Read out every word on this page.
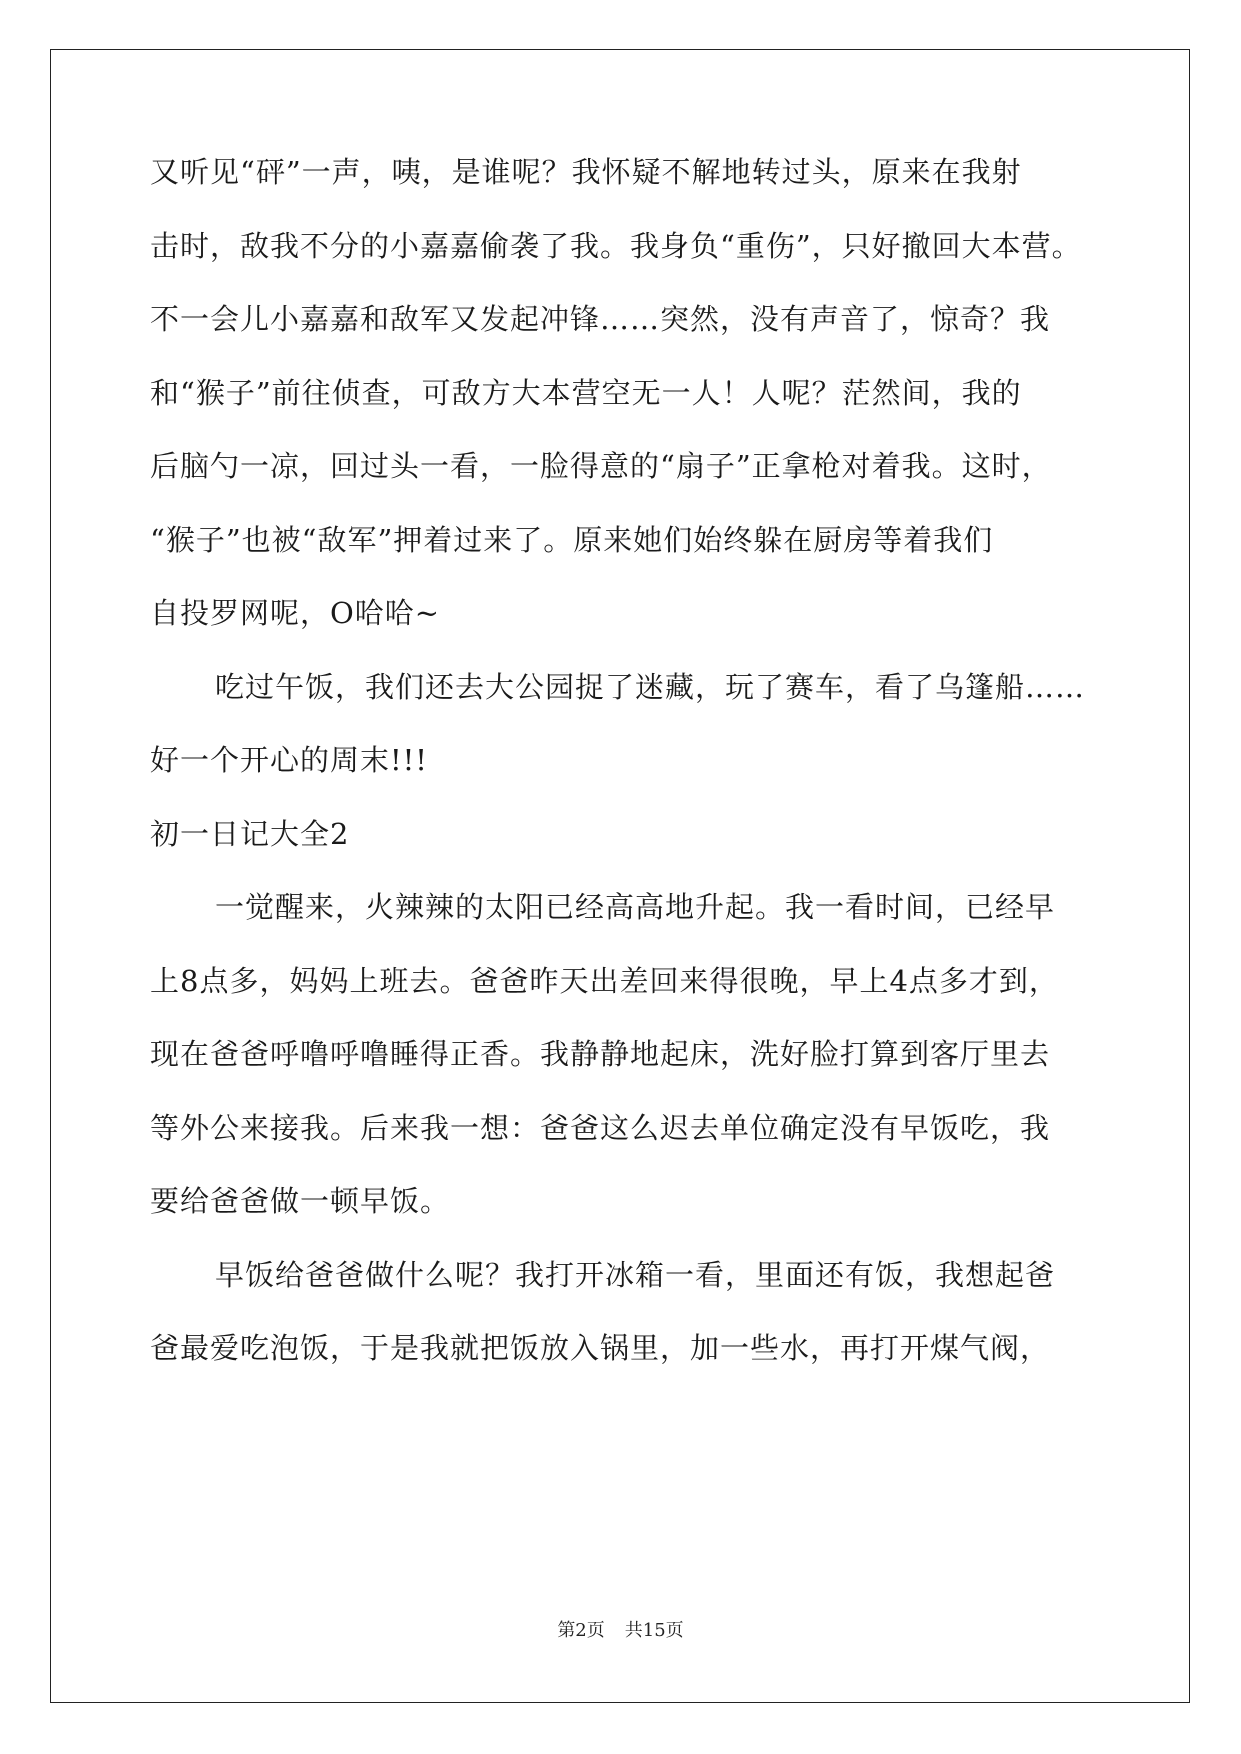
又听见“砰”一声，咦，是谁呢？我怀疑不解地转过头，原来在我射
击时，敌我不分的小嘉嘉偷袭了我。我身负“重伤”，只好撤回大本营。
不一会儿小嘉嘉和敌军又发起冲锋……突然，没有声音了，惊奇？我
和“猴子”前往侦查，可敌方大本营空无一人！人呢？茫然间，我的
后脑勺一凉，回过头一看，一脸得意的“扇子”正拿枪对着我。这时，
“猴子”也被“敌军”押着过来了。原来她们始终躲在厨房等着我们
自投罗网呢，O哈哈~
吃过午饭，我们还去大公园捉了迷藏，玩了赛车，看了乌篷船……
好一个开心的周末!!!
初一日记大全2
一觉醒来，火辣辣的太阳已经高高地升起。我一看时间，已经早
上8点多，妈妈上班去。爸爸昨天出差回来得很晚，早上4点多才到，
现在爸爸呼噜呼噜睡得正香。我静静地起床，洗好脸打算到客厅里去
等外公来接我。后来我一想：爸爸这么迟去单位确定没有早饭吃，我
要给爸爸做一顿早饭。
早饭给爸爸做什么呢？我打开冰箱一看，里面还有饭，我想起爸
爸最爱吃泡饭，于是我就把饭放入锅里，加一些水，再打开煤气阀，
第2页 共15页
